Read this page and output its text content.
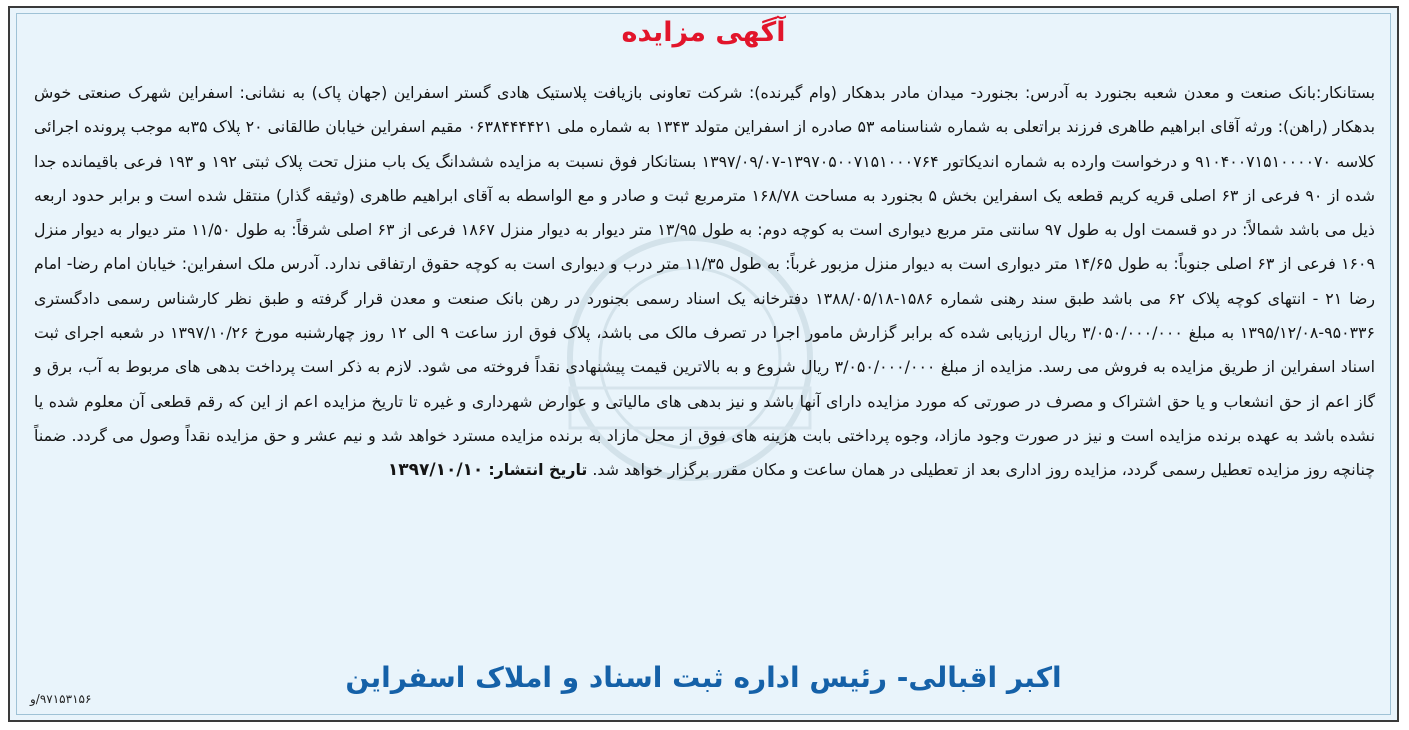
آگهی مزایده
بستانکار:بانک صنعت و معدن شعبه بجنورد به آدرس: بجنورد- میدان مادر بدهکار (وام گیرنده): شرکت تعاونی بازیافت پلاستیک هادی گستر اسفراین (جهان پاک) به نشانی: اسفراین شهرک صنعتی خوش بدهکار (راهن): ورثه آقای ابراهیم طاهری فرزند براتعلی به شماره شناسنامه ۵۳ صادره از اسفراین متولد ۱۳۴۳ به شماره ملی ۰۶۳۸۴۴۴۴۲۱ مقیم اسفراین خیابان طالقانی ۲۰ پلاک ۳۵به موجب پرونده اجرائی کلاسه ۹۱۰۴۰۰۷۱۵۱۰۰۰۰۷۰ و درخواست وارده به شماره اندیکاتور ۱۳۹۷۰۵۰۰۷۱۵۱۰۰۰۷۶۴-۱۳۹۷/۰۹/۰۷ بستانکار فوق نسبت به مزایده ششدانگ یک باب منزل تحت پلاک ثبتی ۱۹۲ و ۱۹۳ فرعی باقیمانده جدا شده از ۹۰ فرعی از ۶۳ اصلی قریه کریم قطعه یک اسفراین بخش ۵ بجنورد به مساحت ۱۶۸/۷۸ مترمربع ثبت و صادر و مع الواسطه به آقای ابراهیم طاهری (وثیقه گذار) منتقل شده است و برابر حدود اربعه ذیل می باشد شمالاً: در دو قسمت اول به طول ۹۷ سانتی متر مربع دیواری است به کوچه دوم: به طول ۱۳/۹۵ متر دیوار به دیوار منزل ۱۸۶۷ فرعی از ۶۳ اصلی شرقاً: به طول ۱۱/۵۰ متر دیوار به دیوار منزل ۱۶۰۹ فرعی از ۶۳ اصلی جنوباً: به طول ۱۴/۶۵ متر دیواری است به دیوار منزل مزبور غرباً: به طول ۱۱/۳۵ متر درب و دیواری است به کوچه حقوق ارتفاقی ندارد. آدرس ملک اسفراین: خیابان امام رضا- امام رضا ۲۱ - انتهای کوچه پلاک ۶۲ می باشد طبق سند رهنی شماره ۱۵۸۶-۱۳۸۸/۰۵/۱۸ دفترخانه یک اسناد رسمی بجنورد در رهن بانک صنعت و معدن قرار گرفته و طبق نظر کارشناس رسمی دادگستری ۹۵۰۳۳۶-۱۳۹۵/۱۲/۰۸ به مبلغ ۳/۰۵۰/۰۰۰/۰۰۰ ریال ارزیابی شده که برابر گزارش مامور اجرا در تصرف مالک می باشد، پلاک فوق ارز ساعت ۹ الی ۱۲ روز چهارشنبه مورخ ۱۳۹۷/۱۰/۲۶ در شعبه اجرای ثبت اسناد اسفراین از طریق مزایده به فروش می رسد. مزایده از مبلغ ۳/۰۵۰/۰۰۰/۰۰۰ ریال شروع و به بالاترین قیمت پیشنهادی نقداً فروخته می شود. لازم به ذکر است پرداخت بدهی های مربوط به آب، برق و گاز اعم از حق انشعاب و یا حق اشتراک و مصرف در صورتی که مورد مزایده دارای آنها باشد و نیز بدهی های مالیاتی و عوارض شهرداری و غیره تا تاریخ مزایده اعم از این که رقم قطعی آن معلوم شده یا نشده باشد به عهده برنده مزایده است و نیز در صورت وجود مازاد، وجوه پرداختی بابت هزینه های فوق از محل مازاد به برنده مزایده مسترد خواهد شد و نیم عشر و حق مزایده نقداً وصول می گردد. ضمناً چنانچه روز مزایده تعطیل رسمی گردد، مزایده روز اداری بعد از تعطیلی در همان ساعت و مکان مقرر برگزار خواهد شد. تاریخ انتشار: ۱۳۹۷/۱۰/۱۰
اکبر اقبالی- رئیس اداره ثبت اسناد و املاک اسفراین
۹۷۱۵۳۱۵۶/و
